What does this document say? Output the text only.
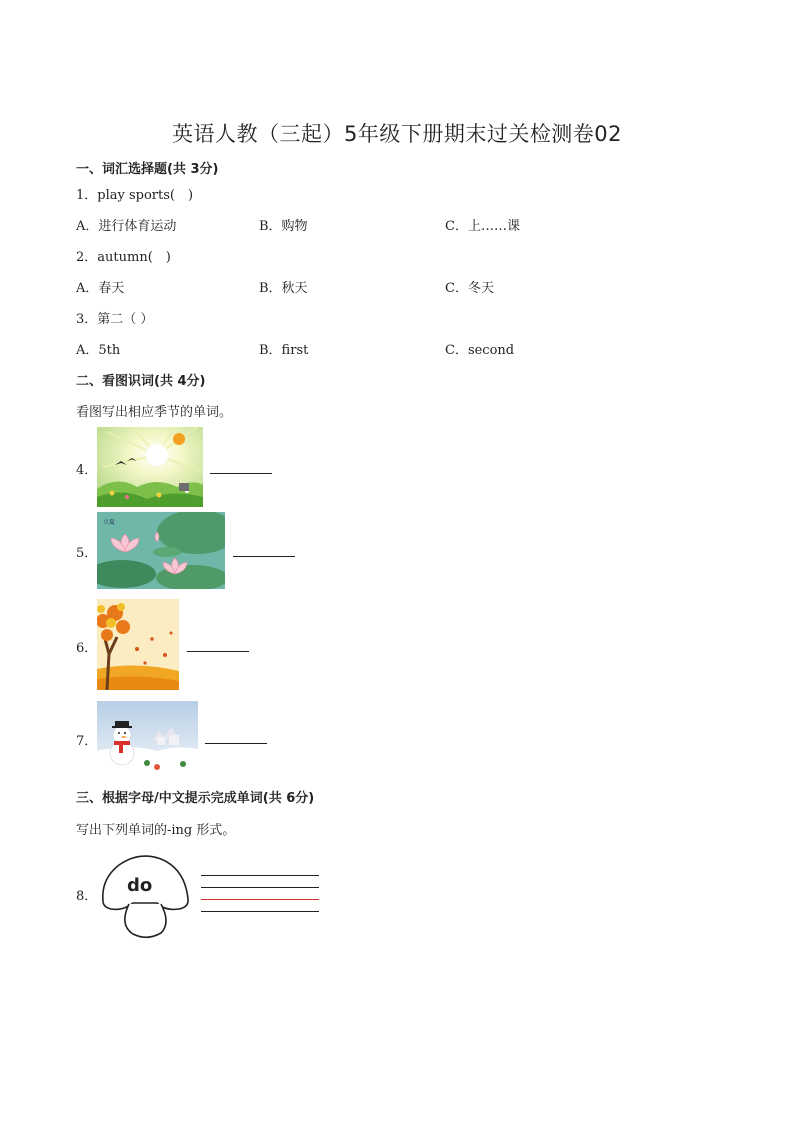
英语人教（三起）5年级下册期末过关检测卷02
一、词汇选择题(共 3分)
1．play sports(　)
A．进行体育运动	B．购物	C．上……课
2．autumn(　)
A．春天	B．秋天	C．冬天
3．第二（ ）
A．5th	B．first	C．second
二、看图识词(共 4分)
看图写出相应季节的单词。
4．
5．
立夏
6．
7．
三、根据字母/中文提示完成单词(共 6分)
写出下列单词的-ing 形式。
8．
do
